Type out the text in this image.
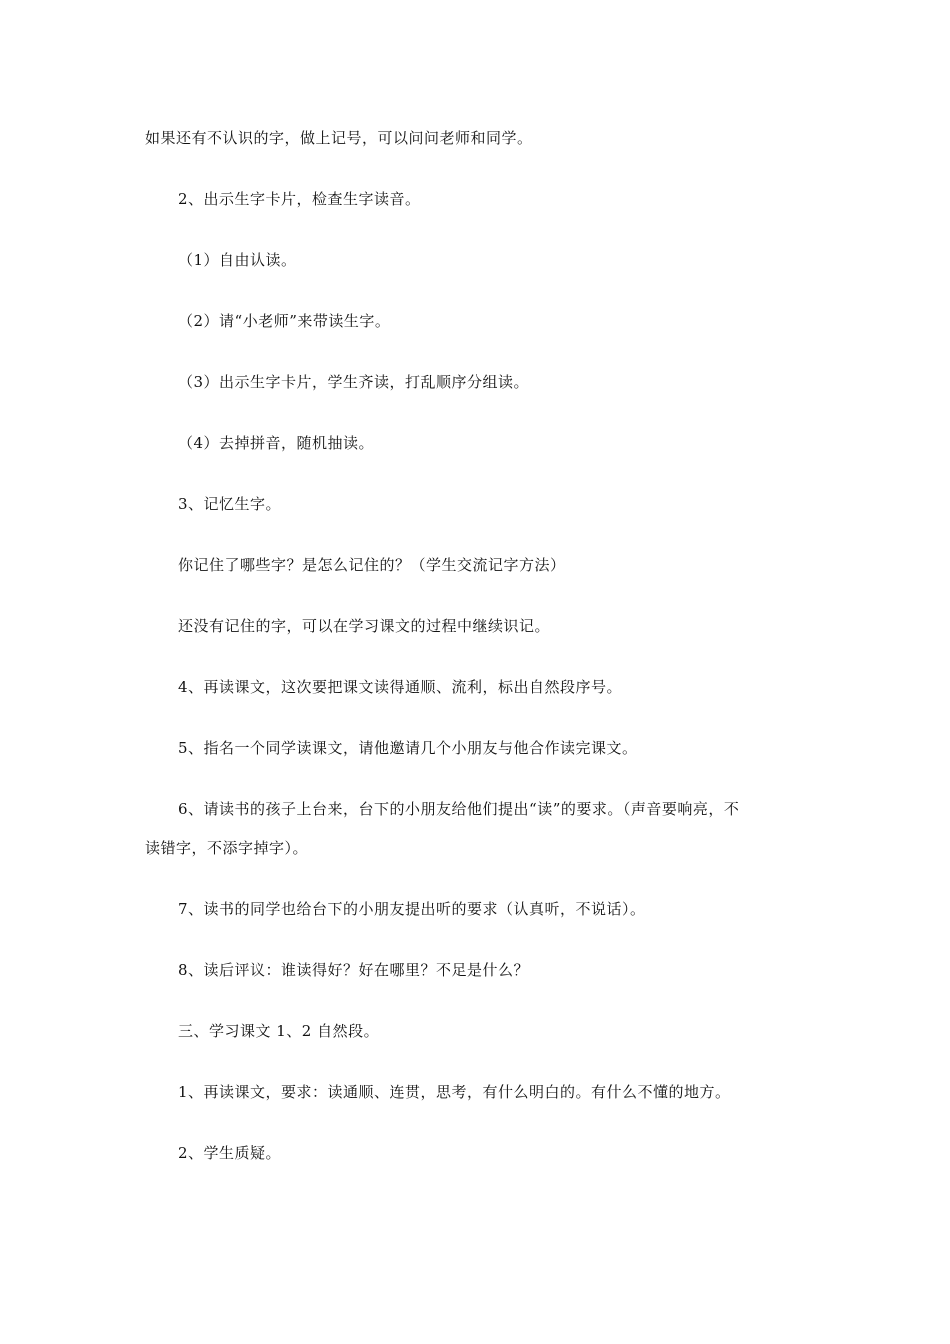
如果还有不认识的字，做上记号，可以问问老师和同学。
2、出示生字卡片，检查生字读音。
（1）自由认读。
（2）请“小老师”来带读生字。
（3）出示生字卡片，学生齐读，打乱顺序分组读。
（4）去掉拼音，随机抽读。
3、记忆生字。
你记住了哪些字？是怎么记住的？（学生交流记字方法）
还没有记住的字，可以在学习课文的过程中继续识记。
4、再读课文，这次要把课文读得通顺、流利，标出自然段序号。
5、指名一个同学读课文，请他邀请几个小朋友与他合作读完课文。
6、请读书的孩子上台来，台下的小朋友给他们提出“读”的要求。（声音要响亮，不
读错字，不添字掉字）。
7、读书的同学也给台下的小朋友提出听的要求（认真听，不说话）。
8、读后评议：谁读得好？好在哪里？不足是什么？
三、学习课文 1、2 自然段。
1、再读课文，要求：读通顺、连贯，思考，有什么明白的。有什么不懂的地方。
2、学生质疑。
